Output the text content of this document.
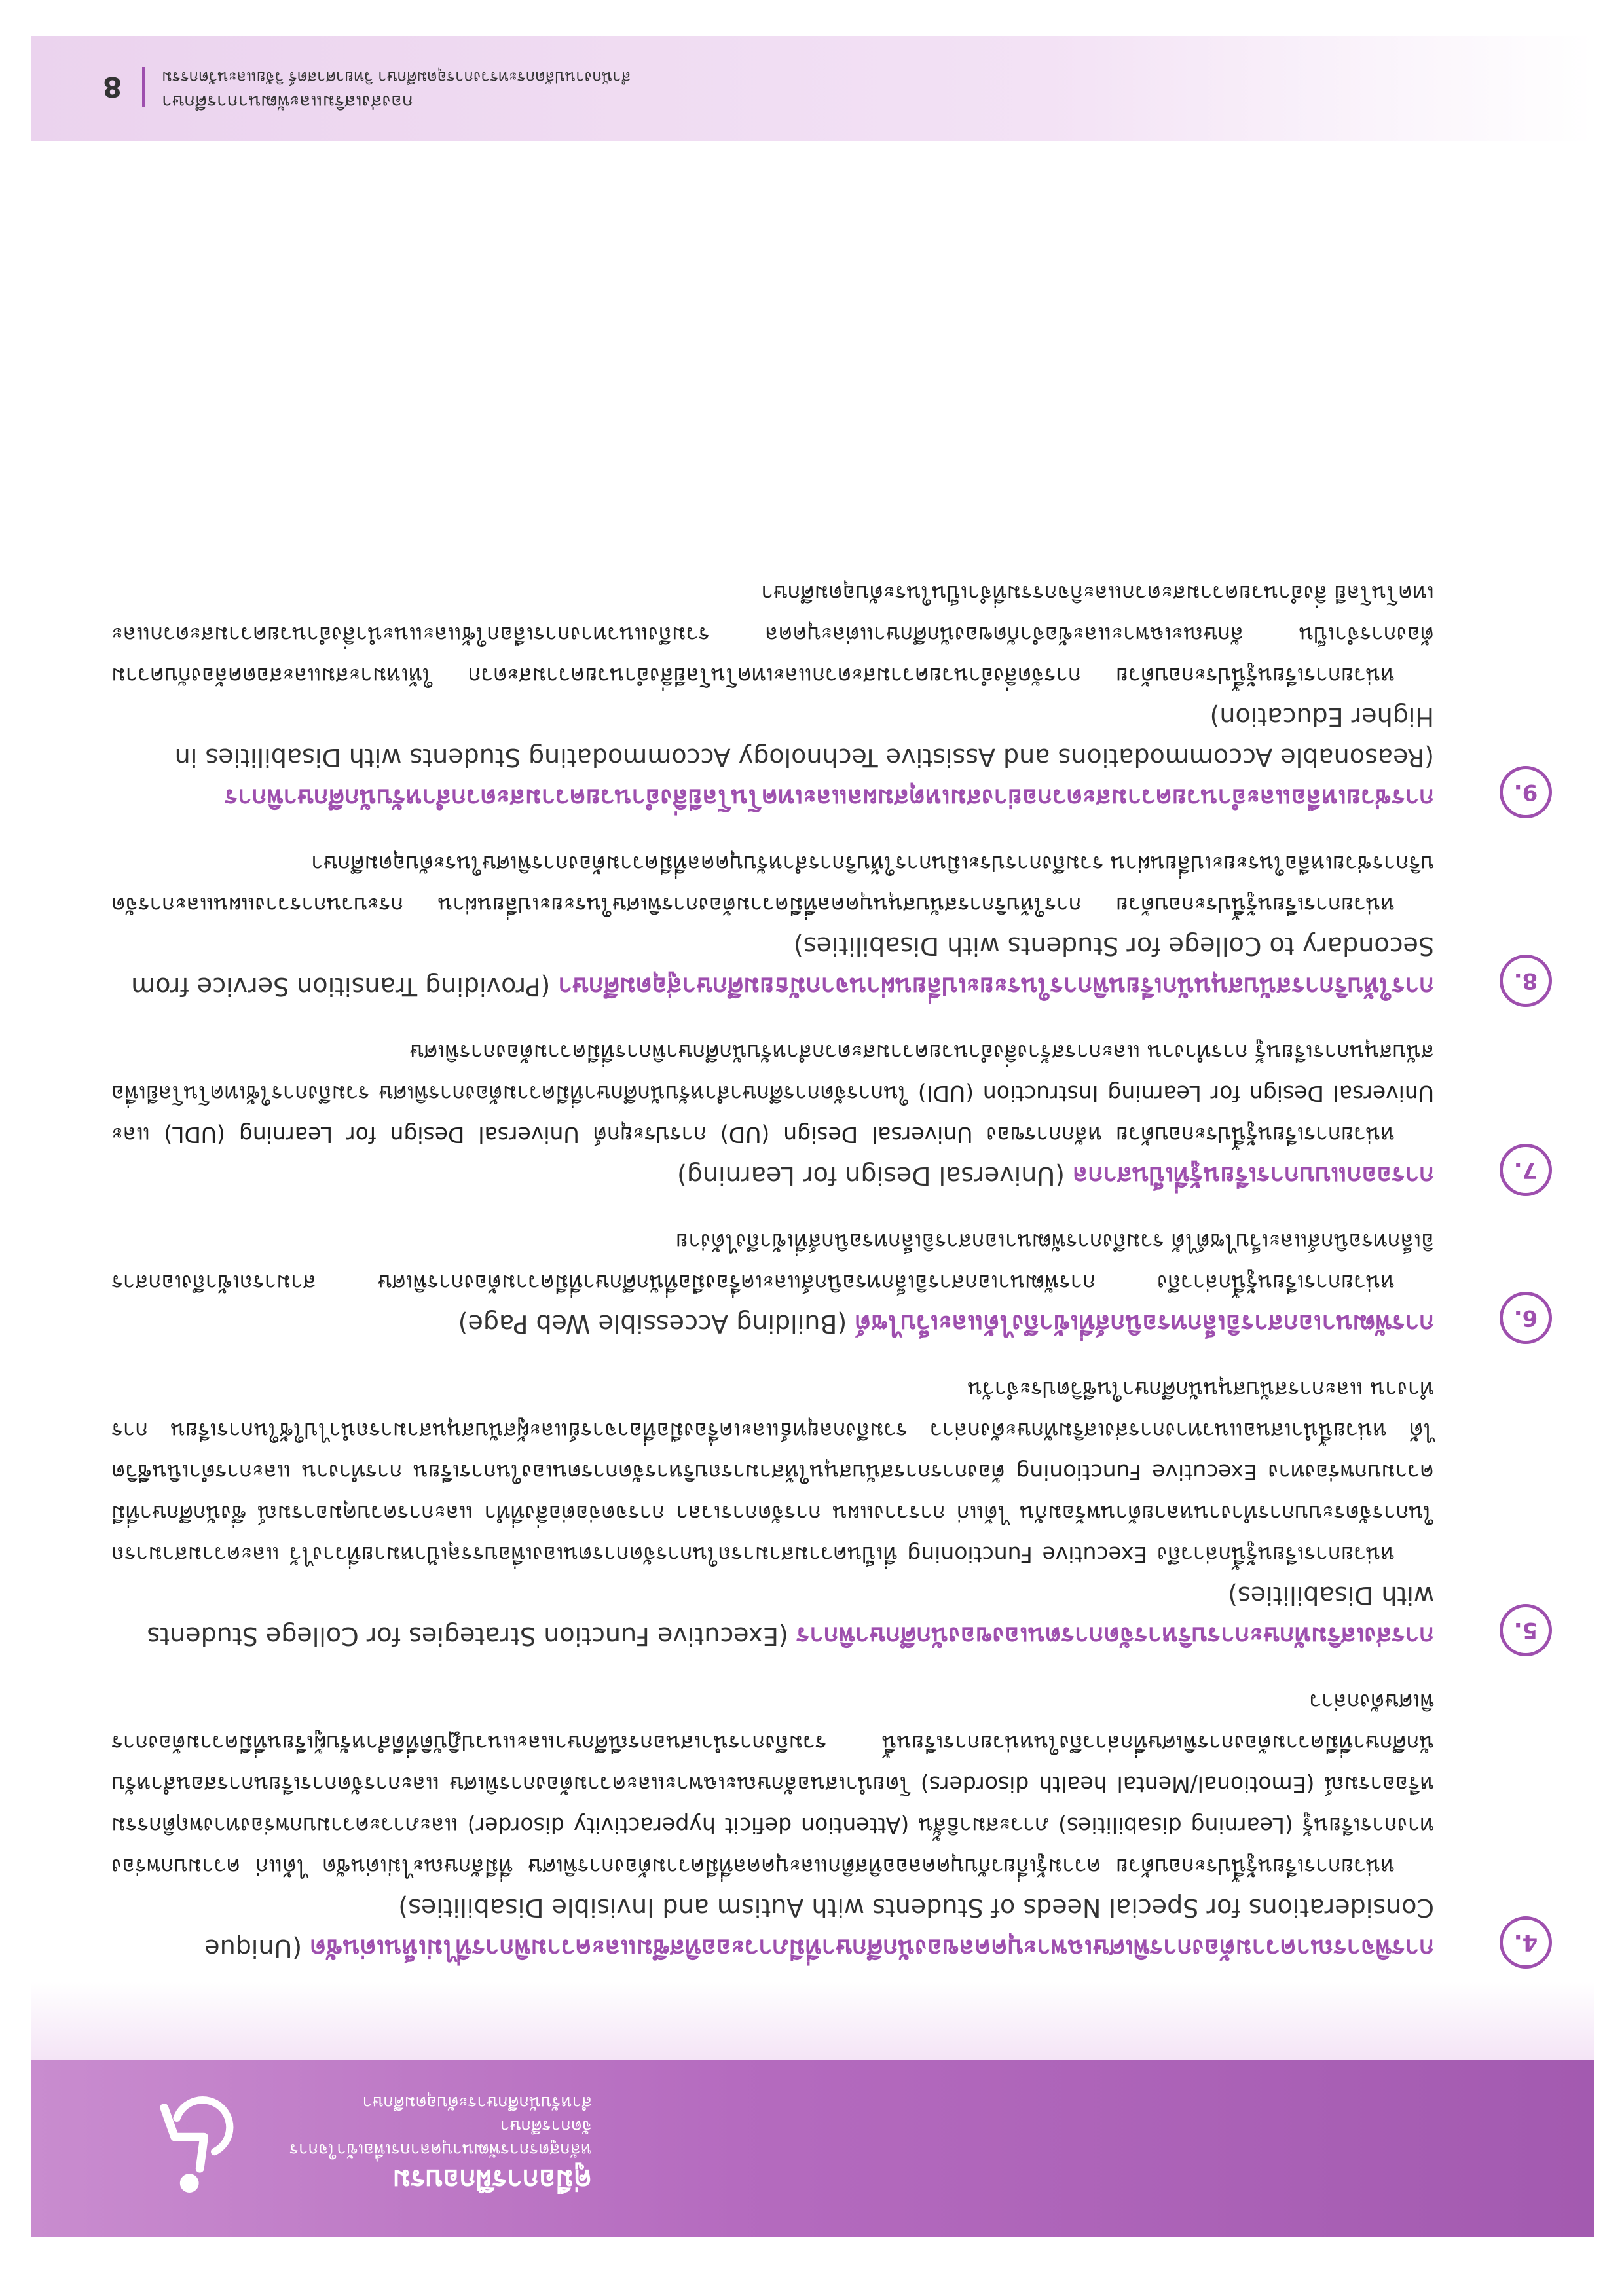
คู่มือการฝึกอบรม
หลักสูตรการพัฒนาบุคลากรเพื่อเข้าใจการจัดการศึกษา
สำหรับนักศึกษาระดับอุดมศึกษา
4.
การพิจารณาความต้องการพิเศษเฉพาะบุคคลของนักศึกษาที่มีภาวะออทิสซึมและความพิการที่ไม่เห็นเด่นชัด (Unique Considerations for Special Needs of Students with Autism and Invisible Disabilities)
หน่วยการเรียนรู้นี้ประกอบด้วย ความรู้เกี่ยวกับบุคคลออทิสติกและบุคคลที่มีความต้องการพิเศษ ที่มีลักษณะไม่เด่นชัด ได้แก่ ความบกพร่องทางการเรียนรู้ (Learning disabilities) ภาวะสมาธิสั้น (Attention deficit hyperactivity disorder) และภาวะความบกพร่องทางพฤติกรรมหรืออารมณ์ (Emotional/Mental health disorders) โดยนำเสนอลักษณะเฉพาะและความต้องการพิเศษ และการจัดการเรียนการสอนสำหรับนักศึกษาที่มีความต้องการพิเศษที่กล่าวถึงในหน่วยการเรียนนี้ รวมถึงการนำเสนอกรณีศึกษาและแนวปฏิบัติที่ดีสำหรับผู้เรียนที่มีความต้องการพิเศษดังกล่าว
5.
การส่งเสริมทักษะการบริหารจัดการตนเองของนักศึกษาพิการ (Executive Function Strategies for College Students with Disabilities)
หน่วยการเรียนรู้นี้กล่าวถึง Executive Functioning ที่เป็นความสามารถในการจัดการตนเองเพื่อบรรลุเป้าหมายที่วางไว้ และความสามารถในการจัดระบบการทำงานหลายด้านพร้อมกัน ได้แก่ การวางแผน การจัดการเวลา การจดจ่อต่อสิ่งที่ทำ และการควบคุมอารมณ์ ซึ่งนักศึกษาที่มีความบกพร่องทาง Executive Functioning ต้องการการสนับสนุนให้สามารถบริหารจัดการตนเองในการเรียน การทำงาน และการดำเนินชีวิตได้ หน่วยนี้นำเสนอแนวทางการส่งเสริมทักษะดังกล่าว รวมถึงกลยุทธ์และเครื่องมือที่อาจารย์และผู้สนับสนุนสามารถนำไปใช้ในการเรียน การทำงาน และการสนับสนุนนักศึกษาในชีวิตประจำวัน
6.
การพัฒนาเอกสารอิเล็กทรอนิกส์ที่เข้าถึงได้และเว็บไซต์ (Building Accessible Web Page)
หน่วยการเรียนรู้นี้กล่าวถึง การพัฒนาเอกสารอิเล็กทรอนิกส์และเครื่องมือที่นักศึกษาที่มีความต้องการพิเศษ สามารถเข้าถึงเอกสารอิเล็กทรอนิกส์และเว็บไซต์ได้ รวมถึงการพัฒนาเอกสารอิเล็กทรอนิกส์ที่เข้าถึงได้ง่าย
7.
การออกแบบการเรียนรู้ที่เป็นสากล (Universal Design for Learning)
หน่วยการเรียนรู้นี้ประกอบด้วย หลักการของ Universal Design (UD) การประยุกต์ Universal Design for Learning (UDL) และ Universal Design for Learning Instruction (UDI) ในการจัดการศึกษาสำหรับนักศึกษาที่มีความต้องการพิเศษ รวมถึงการใช้เทคโนโลยีเพื่อสนับสนุนการเรียนรู้ การทำงาน และการสร้างสิ่งอำนวยความสะดวกสำหรับนักศึกษาพิการที่มีความต้องการพิเศษ
8.
การให้บริการสนับสนุนนักเรียนพิการในระยะเปลี่ยนผ่านจากมัธยมศึกษาสู่อุดมศึกษา (Providing Transition Service from Secondary to College for Students with Disabilities)
หน่วยการเรียนรู้นี้ประกอบด้วย การให้บริการสนับสนุนบุคคลที่มีความต้องการพิเศษในระยะเปลี่ยนผ่าน กระบวนการวางแผนและการจัดบริการช่วยเหลือในระยะเปลี่ยนผ่าน รวมถึงการประเมินการให้บริการสำหรับบุคคลที่มีความต้องการพิเศษในระดับอุดมศึกษา
9.
การช่วยเหลือและอำนวยความสะดวกอย่างสมเหตุสมผลและเทคโนโลยีสิ่งอำนวยความสะดวกสำหรับนักศึกษาพิการ (Reasonable Accommodations and Assistive Technology Accommodating Students with Disabilities in Higher Education)
หน่วยการเรียนรู้นี้ประกอบด้วย การจัดสิ่งอำนวยความสะดวกและเทคโนโลยีสิ่งอำนวยความสะดวก ให้เหมาะสมและสอดคล้องกับความต้องการจำเป็น ลักษณะเฉพาะและข้อจำกัดของนักศึกษาแต่ละบุคคล รวมถึงแนวทางการเลือกใช้และแนะนำสิ่งอำนวยความสะดวกและเทคโนโลยี สิ่งอำนวยความสะดวกและกิจกรรมที่จำเป็นในระดับอุดมศึกษา
กองส่งเสริมและพัฒนาการศึกษา
สำนักงานปลัดกระทรวงการอุดมศึกษา วิทยาศาสตร์ วิจัยและนวัตกรรม
8
